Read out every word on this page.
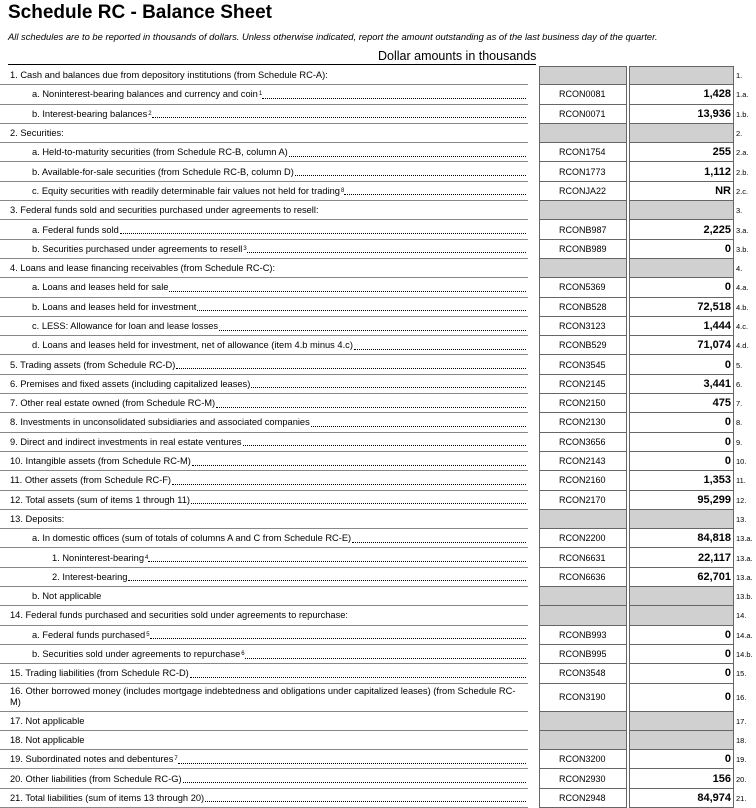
Schedule RC - Balance Sheet
All schedules are to be reported in thousands of dollars. Unless otherwise indicated, report the amount outstanding as of the last business day of the quarter.
Dollar amounts in thousands
1. Cash and balances due from depository institutions (from Schedule RC-A):	1.
a. Noninterest-bearing balances and currency and coin 1	RCON0081	1,428 1.a.
b. Interest-bearing balances 2	RCON0071	13,936 1.b.
2. Securities:	2.
a. Held-to-maturity securities (from Schedule RC-B, column A)	RCON1754	255 2.a.
b. Available-for-sale securities (from Schedule RC-B, column D)	RCON1773	1,112 2.b.
c. Equity securities with readily determinable fair values not held for trading 8	RCONJA22	NR 2.c.
3. Federal funds sold and securities purchased under agreements to resell:	3.
a. Federal funds sold	RCONB987	2,225 3.a.
b. Securities purchased under agreements to resell 3	RCONB989	0 3.b.
4. Loans and lease financing receivables (from Schedule RC-C):	4.
a. Loans and leases held for sale	RCON5369	0 4.a.
b. Loans and leases held for investment	RCONB528	72,518 4.b.
c. LESS: Allowance for loan and lease losses	RCON3123	1,444 4.c.
d. Loans and leases held for investment, net of allowance (item 4.b minus 4.c)	RCONB529	71,074 4.d.
5. Trading assets (from Schedule RC-D)	RCON3545	0 5.
6. Premises and fixed assets (including capitalized leases)	RCON2145	3,441 6.
7. Other real estate owned (from Schedule RC-M)	RCON2150	475 7.
8. Investments in unconsolidated subsidiaries and associated companies	RCON2130	0 8.
9. Direct and indirect investments in real estate ventures	RCON3656	0 9.
10. Intangible assets (from Schedule RC-M)	RCON2143	0 10.
11. Other assets (from Schedule RC-F)	RCON2160	1,353 11.
12. Total assets (sum of items 1 through 11)	RCON2170	95,299 12.
13. Deposits:	13.
a. In domestic offices (sum of totals of columns A and C from Schedule RC-E)	RCON2200	84,818 13.a.
1. Noninterest-bearing 4	RCON6631	22,117 13.a.
2. Interest-bearing	RCON6636	62,701 13.a.
b. Not applicable	13.b.
14. Federal funds purchased and securities sold under agreements to repurchase:	14.
a. Federal funds purchased 5	RCONB993	0 14.a.
b. Securities sold under agreements to repurchase 6	RCONB995	0 14.b.
15. Trading liabilities (from Schedule RC-D)	RCON3548	0 15.
16. Other borrowed money (includes mortgage indebtedness and obligations under capitalized leases) (from Schedule RC-M)	RCON3190	0 16.
17. Not applicable	17.
18. Not applicable	18.
19. Subordinated notes and debentures 7	RCON3200	0 19.
20. Other liabilities (from Schedule RC-G)	RCON2930	156 20.
21. Total liabilities (sum of items 13 through 20)	RCON2948	84,974 21.
